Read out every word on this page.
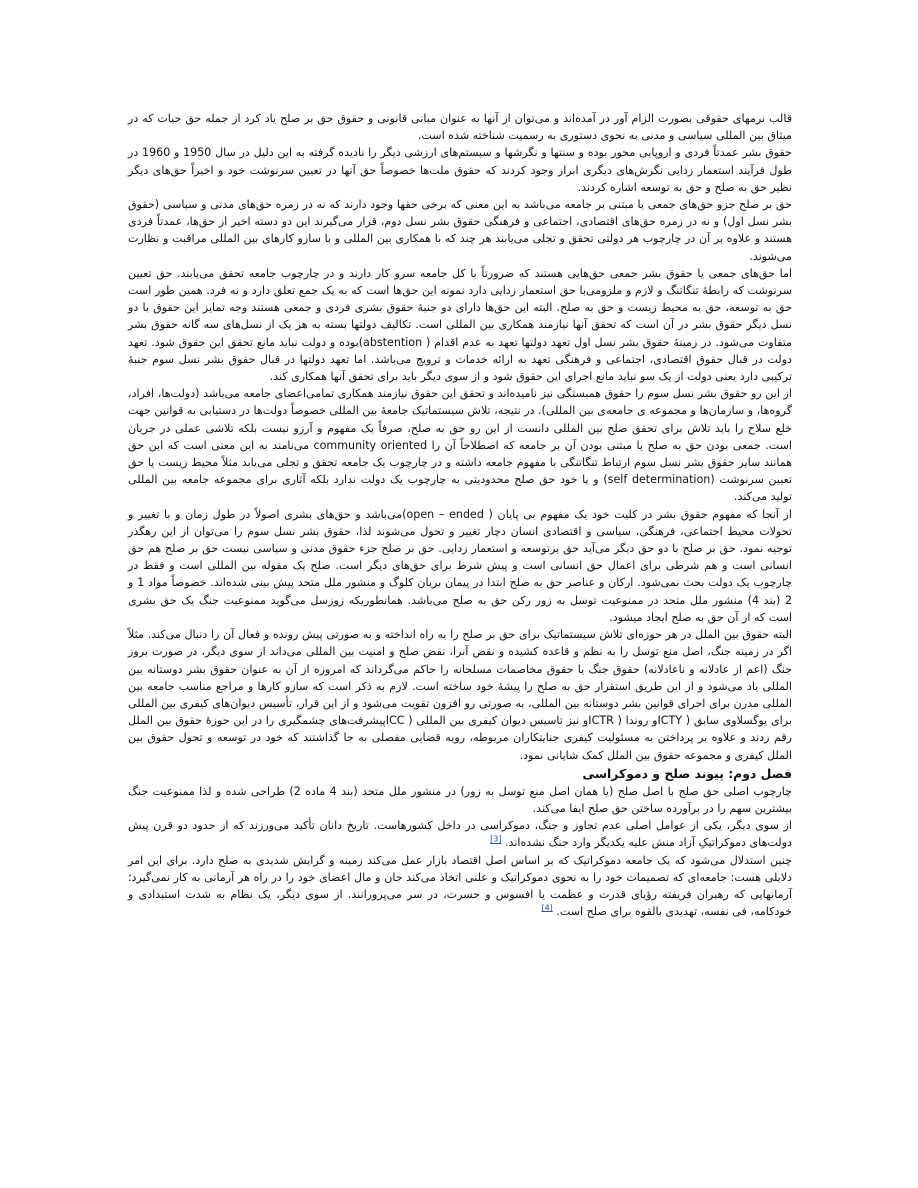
قالب نرمهای حقوقی بصورت الزام آور در آمده‌اند و می‌توان از آنها به عنوان مبانی قانونی و حقوق حق بر صلح یاد کرد از جمله حق حیات که در میثاق بین المللی سیاسی و مدنی به نحوی دستوری به رسمیت شناخته شده است.

حقوق بشر عمدتاً فردی و اروپایی محور بوده و سنتها و نگرشها و سیستم‌های ارزشی دیگر را نادیده گرفته به این دلیل در سال 1950 و 1960 در طول فرآیند استعمار زدایی نگرش‌های دیگری ابراز وجود کردند که حقوق ملت‌ها خصوصاً حق آنها در تعیین سرنوشت خود و اخیراً حق‌های دیگر نظیر حق به صلح و حق به توسعه اشاره کردند.

حق بر صلح جزو حق‌های جمعی یا مبتنی بر جامعه می‌باشد به این معنی که برخی حقها وجود دارند که نه در زمره حق‌های مدنی و سیاسی (حقوق بشر نسل اول) و نه در زمره حق‌های اقتصادی، اجتماعی و فرهنگی حقوق بشر نسل دوم، قرار می‌گیرند این دو دسته اخیر از حق‌ها، عمدتاً فردی هستند و علاوه بر آن در چارچوب هر دولتی تحقق و تجلی می‌یابند هر چند که با همکاری بین المللی و با سازو کارهای بین المللی مراقبت و نظارت می‌شوند.

اما حق‌های جمعی یا حقوق بشر جمعی حق‌هایی هستند که ضرورتاً با کل جامعه سرو کار دارند و در چارچوب جامعه تحقق می‌یابند. حق تعیین سرنوشت که رابطهٔ تنگاتنگ و لازم و ملزومی‌با حق استعمار زدایی دارد نمونه این حق‌ها است که به یک جمع تعلق دارد و نه فرد. همین طور است حق به توسعه، حق به محیط زیست و حق به صلح. البته این حق‌ها دارای دو جنبهٔ حقوق بشری فردی و جمعی هستند وجه تمایز این حقوق با دو نسل دیگر حقوق بشر در آن است که تحقق آنها نیازمند همکاری بین المللی است. تکالیف دولتها بسته به هر یک از نسل‌های سه گانه حقوق بشر متفاوت می‌شود. در زمینهٔ حقوق بشر نسل اول تعهد دولتها تعهد به عدم اقدام ( abstention)بوده و دولت نباید مانع تحقق این حقوق شود. تعهد دولت در قبال حقوق اقتصادی، اجتماعی و فرهنگی تعهد به ارائه خدمات و ترویج می‌باشد. اما تعهد دولتها در قبال حقوق بشر نسل سوم جنبهٔ ترکیبی دارد یعنی دولت از یک سو نباید مانع اجرای این حقوق شود و از سوی دیگر باید برای تحقق آنها همکاری کند.

از این رو حقوق بشر نسل سوم را حقوق همبستگی نیز نامیده‌اند و تحقق این حقوق نیازمند همکاری تمامی‌اعضای جامعه می‌باشد (دولت‌ها، افراد، گروه‌ها، و سازمان‌ها و مجموعه ی جامعه‌ی بین المللی). در نتیجه، تلاش سیستماتیک جامعهٔ بین المللی خصوصاً دولت‌ها در دستیابی به قوانین جهت خلع سلاح را باید تلاش برای تحقق صلح بین المللی دانست از این رو حق به صلح، صرفاً یک مفهوم و آرزو نیست بلکه تلاشی عملی در جریان است. جمعی بودن حق به صلح یا مبتنی بودن آن بر جامعه که اصطلاحاً آن را community oriented می‌نامند به این معنی است که این حق همانند سایر حقوق بشر نسل سوم ارتباط تنگاتنگی با مفهوم جامعه داشته و در چارچوب یک جامعه تحقق و تجلی می‌یابد مثلاً محیط زیست یا حق تعیین سرنوشت (self determination) و یا خود حق صلح محدودیتی به چارچوب یک دولت ندارد بلکه آثاری برای مجموعه جامعه بین المللی تولید می‌کند.

از آنجا که مفهوم حقوق بشر در کلیت خود یک مفهوم بی پایان ( open – ended)می‌باشد و حق‌های بشری اصولاً در طول زمان و با تغییر و تحولات محیط اجتماعی، فرهنگی، سیاسی و اقتصادی انسان دچار تغییر و تحول می‌شوند لذا، حقوق بشر نسل سوم را می‌توان از این رهگذر توجیه نمود. حق بر صلح با دو حق دیگر می‌آید حق برتوسعه و استعمار زدایی. حق بر صلح جزء حقوق مدنی و سیاسی نیست حق بر صلح هم حق انسانی است و هم شرطی برای اعمال حق انسانی است و پیش شرط برای حق‌های دیگر است. صلح یک مقوله بین المللی است و فقط در چارچوب یک دولت بحث نمی‌شود. ارکان و عناصر حق به صلح ابتدا در پیمان بریان کلوگ و منشور ملل متحد پیش بینی شده‌اند. خصوصاً مواد 1 و 2 (بند 4) منشور ملل متحد در ممنوعیت توسل به زور رکن حق به صلح می‌باشد. همانطوریکه زوزسل می‌گوید ممنوعیت جنگ یک حق بشری است که از آن حق به صلح ایجاد میشود.

البته حقوق بین الملل در هر حوزه‌ای تلاش سیستماتیک برای حق بر صلح را به راه انداخته و به صورتی پیش رونده و فعال آن را دنبال می‌کند. مثلاً اگر در زمینه جنگ، اصل منع توسل را به نظم و قاعده کشیده و نقض آنرا، نقض صلح و امنیت بین المللی می‌داند از سوی دیگر، در صورت بروز جنگ (اعم از عادلانه و ناعادلانه) حقوق جنگ یا حقوق مخاصمات مسلحانه را حاکم می‌گرداند که امروزه از آن به عنوان حقوق بشر دوستانه بین المللی یاد می‌شود و از این طریق استقرار حق به صلح را پیشهٔ خود ساخته است. لازم به ذکر است که سازو کارها و مراجع مناسب جامعه بین المللی مدرن برای اجرای قوانین بشر دوستانه بین المللی، به صورتی رو افزون تقویت می‌شود و از این قرار، تأسیس دیوان‌های کیفری بین المللی برای یوگسلاوی سابق ( ICTYو روندا ( ICTRو نیز تاسیس دیوان کیفری بین المللی ( ICCپیشرفت‌های چشمگیری را در این حوزهٔ حقوق بین الملل رقم زدند و علاوه بر پرداختن به مسئولیت کیفری جنایتکاران مربوطه، رویه قضایی مفصلی به جا گذاشتند که خود در توسعه و تحول حقوق بین الملل کیفری و مجموعه حقوق بین الملل کمک شایانی نمود.

فصل دوم: پیوند صلح و دموکراسی

چارچوب اصلی حق صلح با اصل صلح (یا همان اصل منع توسل به زور) در منشور ملل متحد (بند 4 ماده 2) طراحی شده و لذا ممنوعیت جنگ بیشترین سهم را در برآورده ساختن حق صلح ایفا می‌کند.

از سوی دیگر، یکی از عوامل اصلی عدم تجاوز و جنگ، دموکراسی در داخل کشورهاست. تاریخ دانان تأکید می‌ورزند که از حدود دو قرن پیش دولت‌های دموکراتیکِ آزاد منش علیه یکدیگر وارد جنگ نشده‌اند. [3]

چنین استدلال می‌شود که یک جامعه دموکراتیک که بر اساس اصل اقتصاد بازار عمل می‌کند زمینه و گرایش شدیدی به صلح دارد. برای این امر دلایلی هست: جامعه‌ای که تصمیمات خود را به نحوی دموکراتیک و علنی اتخاذ می‌کند جان و مال اعضای خود را در راه هر آرمانی به کار نمی‌گیرد؛ آرمانهایی که رهبران فریفته رؤیای قدرت و عظمت یا افسوس و حسرت، در سر می‌پرورانند. از سوی دیگر، یک نظام به شدت استبدادی و خودکامه، فی نفسه، تهدیدی بالقوه برای صلح است. [4]
